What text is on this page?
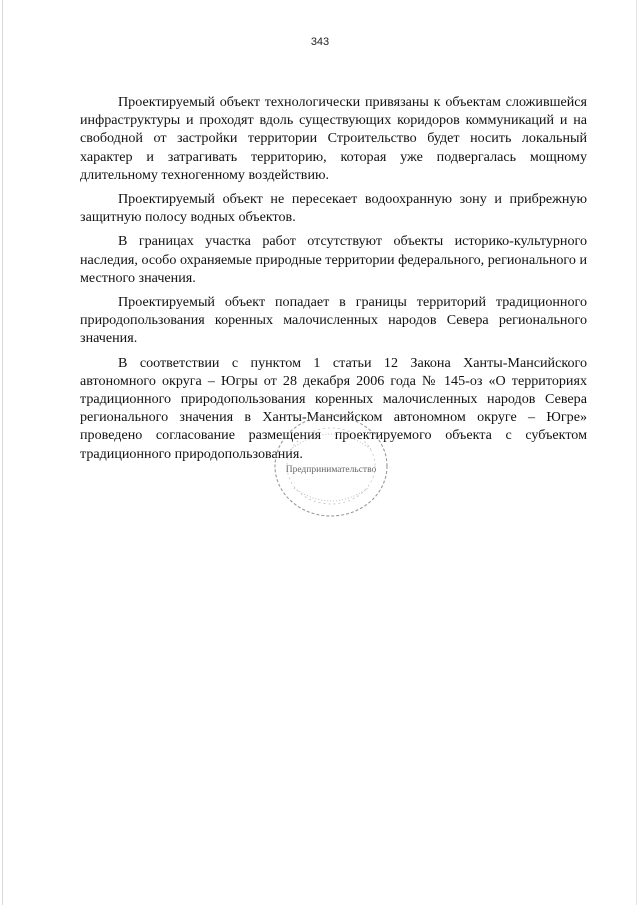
343

Проектируемый объект технологически привязаны к объектам сложившейся инфраструктуры и проходят вдоль существующих коридоров коммуникаций и на свободной от застройки территории Строительство будет носить локальный характер и затрагивать территорию, которая уже подвергалась мощному длительному техногенному воздействию.

Проектируемый объект не пересекает водоохранную зону и прибрежную защитную полосу водных объектов.

В границах участка работ отсутствуют объекты историко-культурного наследия, особо охраняемые природные территории федерального, регионального и местного значения.

Проектируемый объект попадает в границы территорий традиционного природопользования коренных малочисленных народов Севера регионального значения.

В соответствии с пунктом 1 статьи 12 Закона Ханты-Мансийского автономного округа – Югры от 28 декабря 2006 года № 145-оз «О территориях традиционного природопользования коренных малочисленных народов Севера регионального значения в Ханты-Мансийском автономном округе – Югре» проведено согласование размещения проектируемого объекта с субъектом традиционного природопользования.

Предпринимательство
